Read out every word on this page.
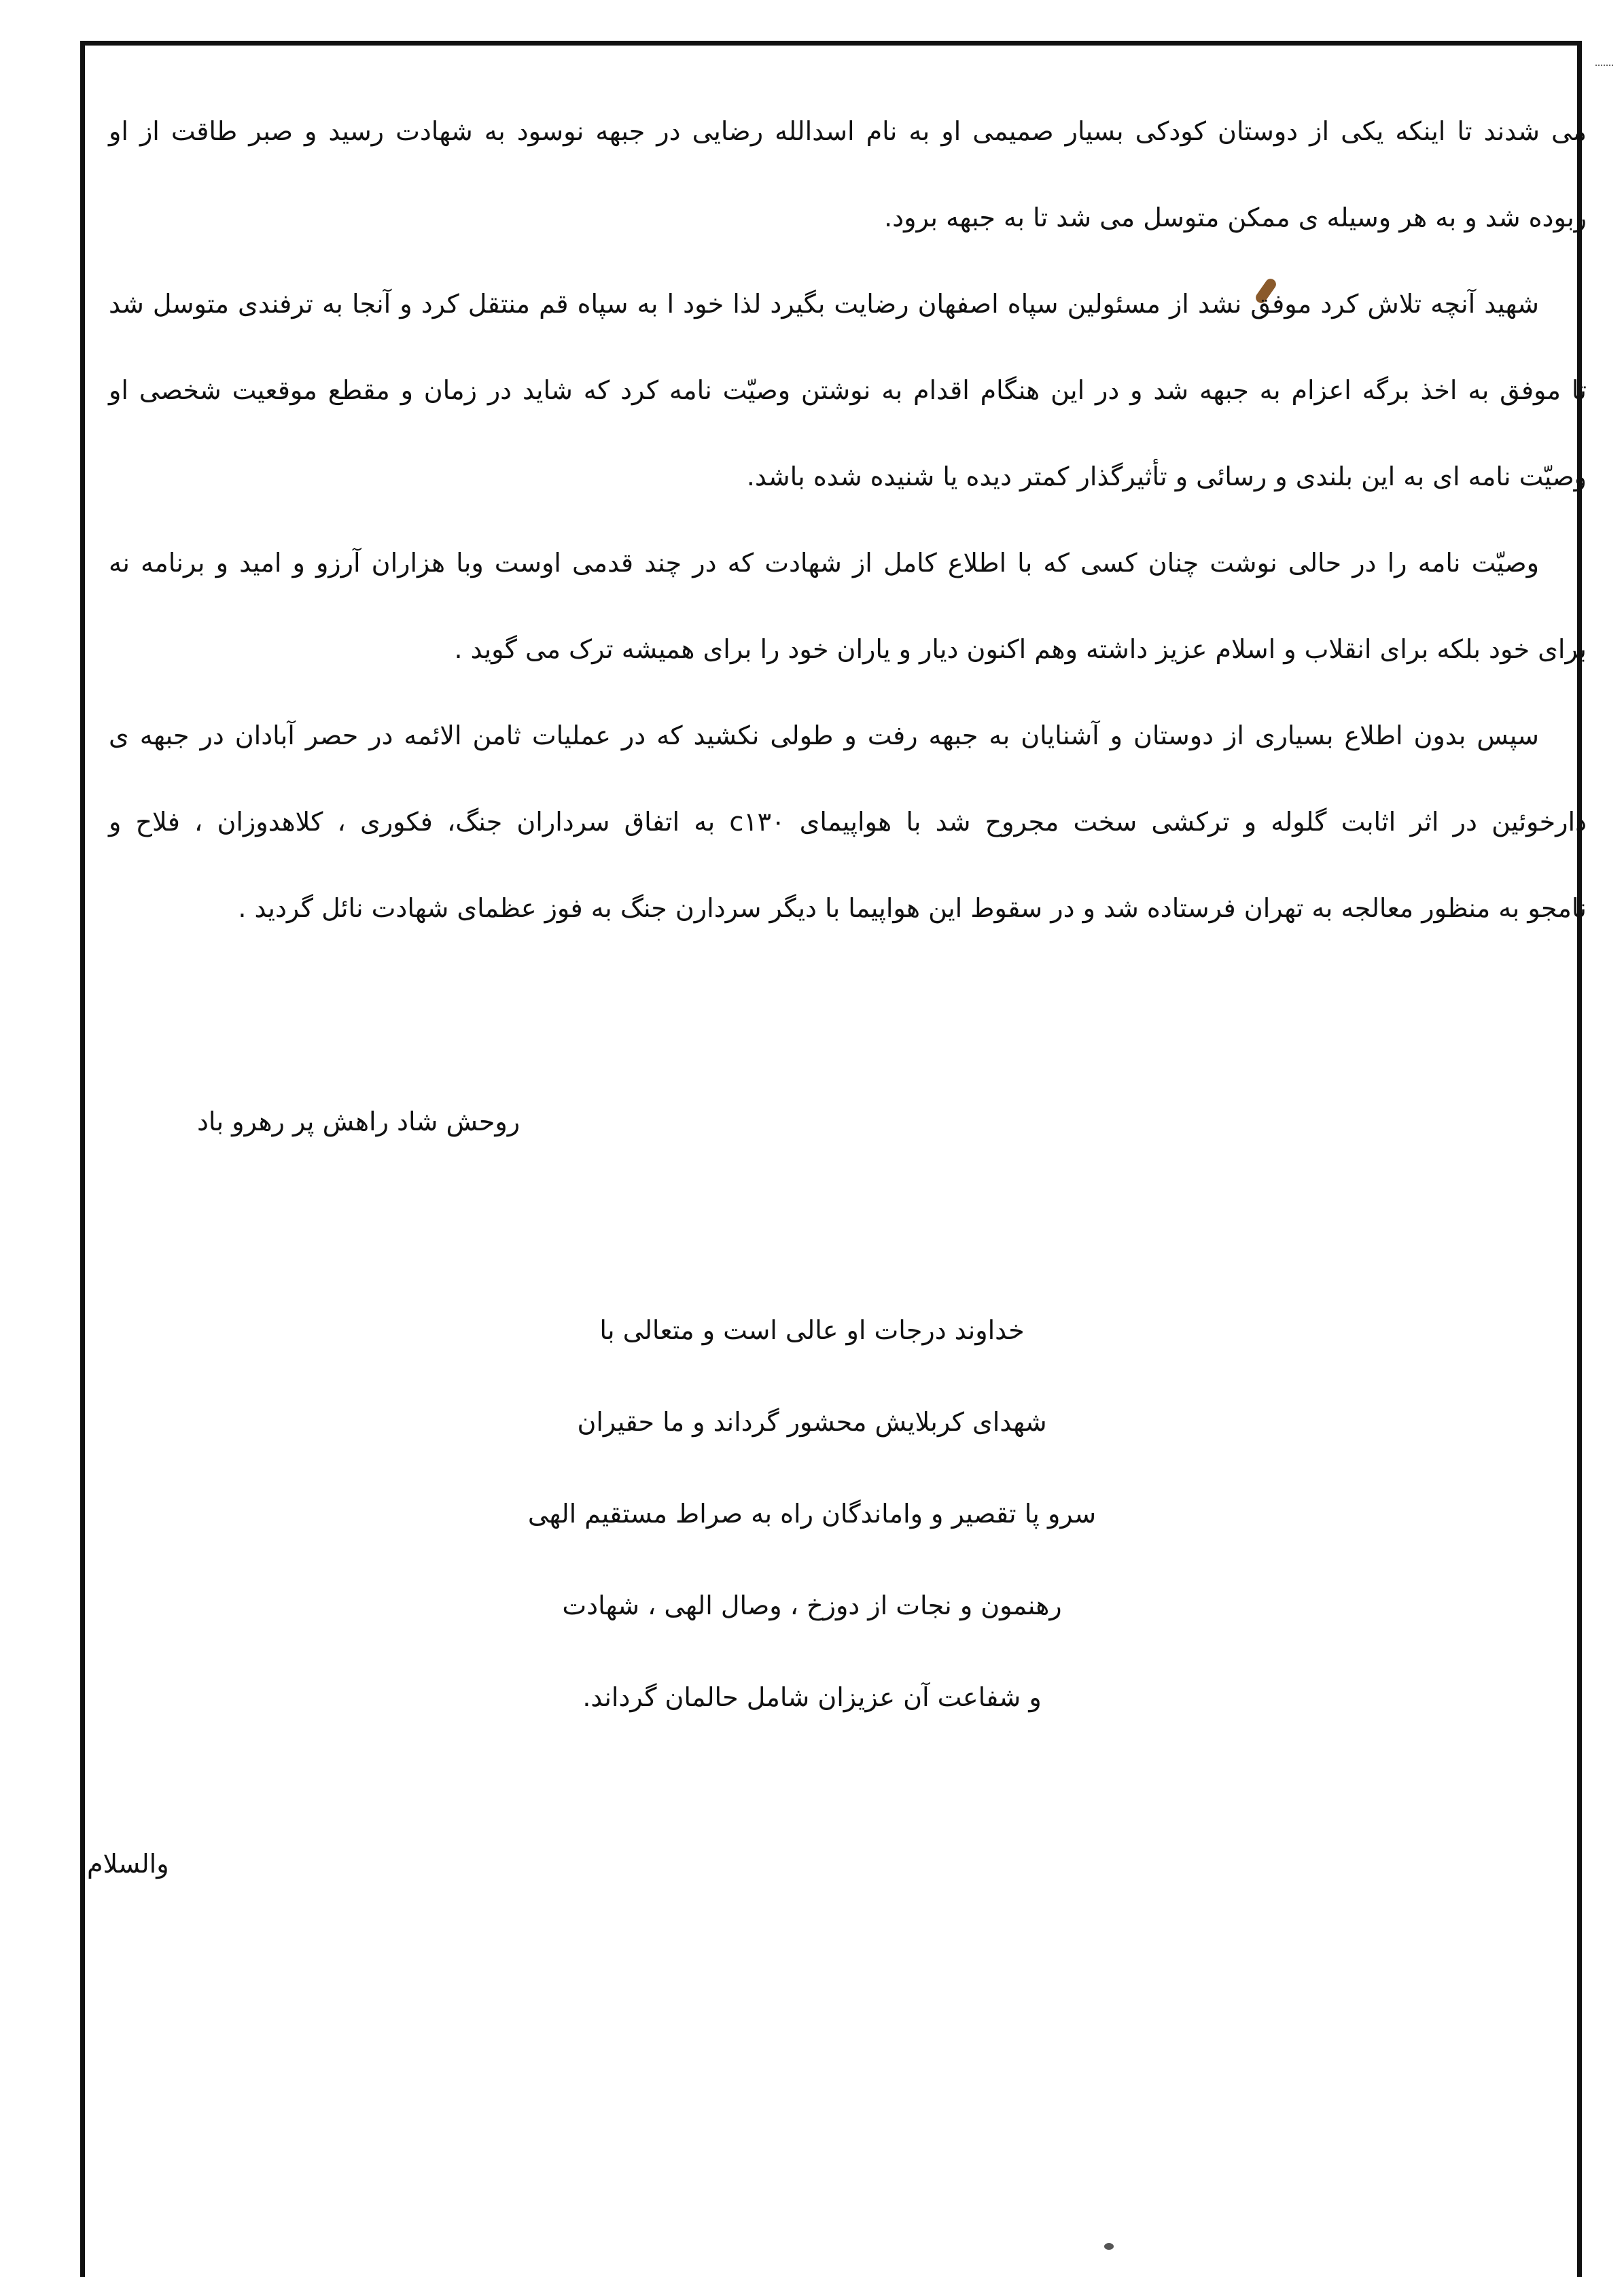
می شدند تا اینکه یکی از دوستان کودکی بسیار صمیمی او به نام اسدالله رضایی در جبهه نوسود به شهادت رسید و صبر طاقت از او
ربوده شد و به هر وسیله ی ممکن متوسل می شد تا به جبهه برود.

شهید آنچه تلاش کرد موفق نشد از مسئولین سپاه اصفهان رضایت بگیرد لذا خود ا به سپاه قم منتقل کرد و آنجا به ترفندی متوسل شد
تا موفق به اخذ برگه اعزام به جبهه شد و در این هنگام اقدام به نوشتن وصیّت نامه کرد که شاید در زمان و مقطع موقعیت شخصی او
وصیّت نامه ای به این بلندی و رسائی و تأثیرگذار کمتر دیده یا شنیده شده باشد.

وصیّت نامه را در حالی نوشت چنان کسی که با اطلاع کامل از شهادت که در چند قدمی اوست وبا هزاران آرزو و امید و برنامه نه
برای خود بلکه برای انقلاب و اسلام عزیز داشته وهم اکنون دیار و یاران خود را برای همیشه ترک می گوید .

سپس بدون اطلاع بسیاری از دوستان و آشنایان به جبهه رفت و طولی نکشید که در عملیات ثامن الائمه در حصر آبادان در جبهه ی
دارخوئین در اثر اثابت گلوله و ترکشی سخت مجروح شد با هواپیمای c۱۳۰ به اتفاق سرداران جنگ، فکوری ، کلاهدوزان ، فلاح و
نامجو به منظور معالجه به تهران فرستاده شد و در سقوط این هواپیما با دیگر سردارن جنگ به فوز عظمای شهادت نائل گردید .

روحش شاد راهش پر رهرو باد
خداوند درجات او عالی است و متعالی با
شهدای کربلایش محشور گرداند و ما حقیران
سرو پا تقصیر و واماندگان راه به صراط مستقیم الهی
رهنمون و نجات از دوزخ ، وصال الهی ، شهادت
و شفاعت آن عزیزان شامل حالمان گرداند.
والسلام
